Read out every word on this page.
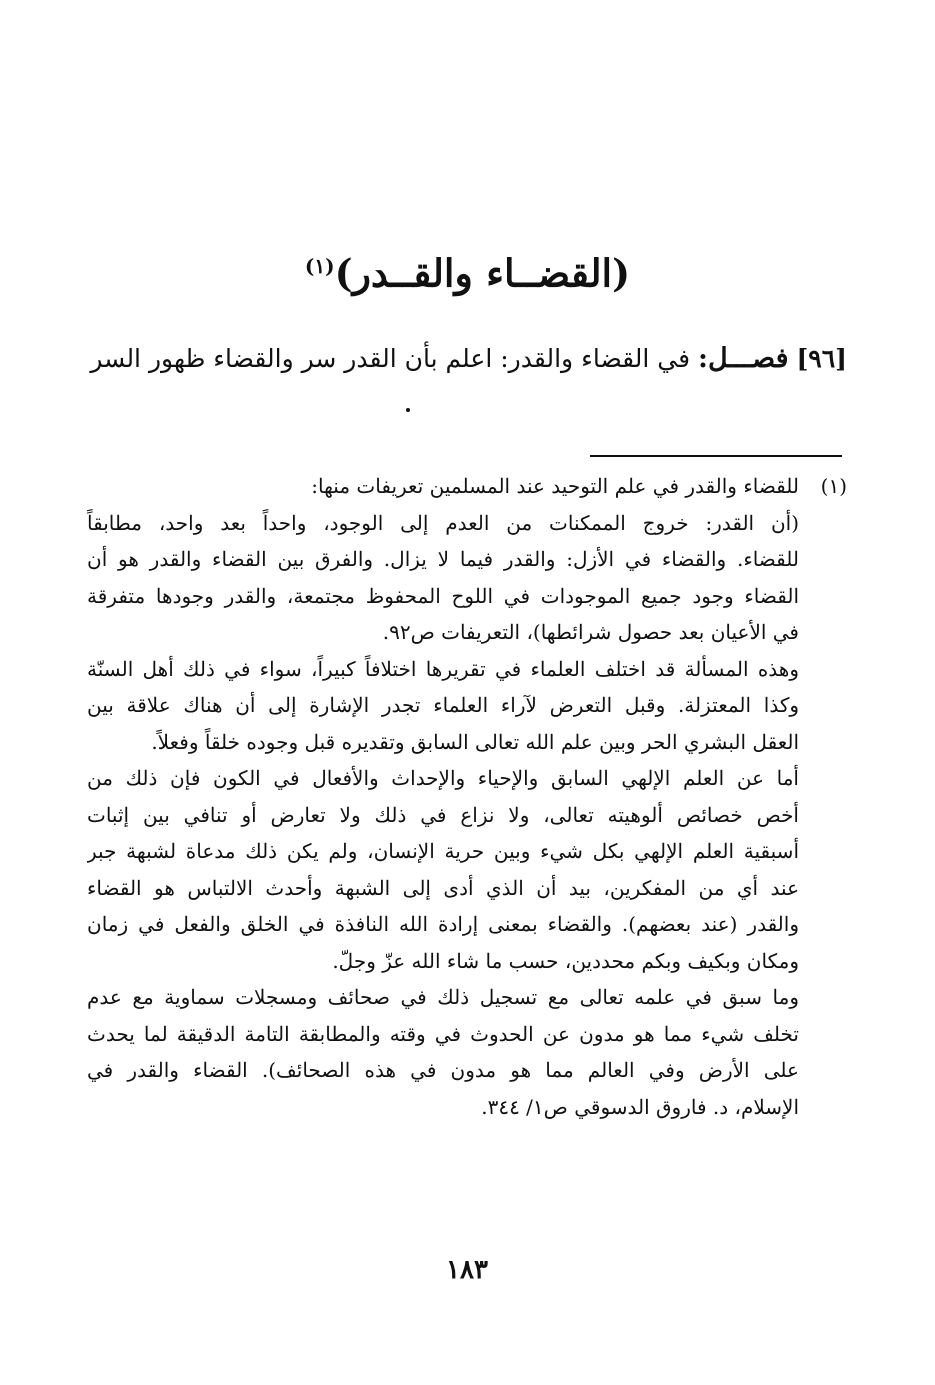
(القضــاء والقــدر)$^{(١)}$
[٩٦] فصـــل: في القضاء والقدر: اعلم بأن القدر سر والقضاء ظهور السر
(١)
للقضاء والقدر في علم التوحيد عند المسلمين تعريفات منها:
(أن القدر: خروج الممكنات من العدم إلى الوجود، واحداً بعد واحد، مطابقاً
للقضاء. والقضاء في الأزل: والقدر فيما لا يزال. والفرق بين القضاء والقدر هو أن
القضاء وجود جميع الموجودات في اللوح المحفوظ مجتمعة، والقدر وجودها متفرقة
في الأعيان بعد حصول شرائطها)، التعريفات ص٩٢.
وهذه المسألة قد اختلف العلماء في تقريرها اختلافاً كبيراً، سواء في ذلك أهل السنّة
وكذا المعتزلة. وقبل التعرض لآراء العلماء تجدر الإشارة إلى أن هناك علاقة بين
العقل البشري الحر وبين علم الله تعالى السابق وتقديره قبل وجوده خلقاً وفعلاً.
أما عن العلم الإلهي السابق والإحياء والإحداث والأفعال في الكون فإن ذلك من
أخص خصائص ألوهيته تعالى، ولا نزاع في ذلك ولا تعارض أو تنافي بين إثبات
أسبقية العلم الإلهي بكل شيء وبين حرية الإنسان، ولم يكن ذلك مدعاة لشبهة جبر
عند أي من المفكرين، بيد أن الذي أدى إلى الشبهة وأحدث الالتباس هو القضاء
والقدر (عند بعضهم). والقضاء بمعنى إرادة الله النافذة في الخلق والفعل في زمان
ومكان وبكيف وبكم محددين، حسب ما شاء الله عزّ وجلّ.
وما سبق في علمه تعالى مع تسجيل ذلك في صحائف ومسجلات سماوية مع عدم
تخلف شيء مما هو مدون عن الحدوث في وقته والمطابقة التامة الدقيقة لما يحدث
على الأرض وفي العالم مما هو مدون في هذه الصحائف). القضاء والقدر في
الإسلام، د. فاروق الدسوقي ص١/ ٣٤٤.
١٨٣
